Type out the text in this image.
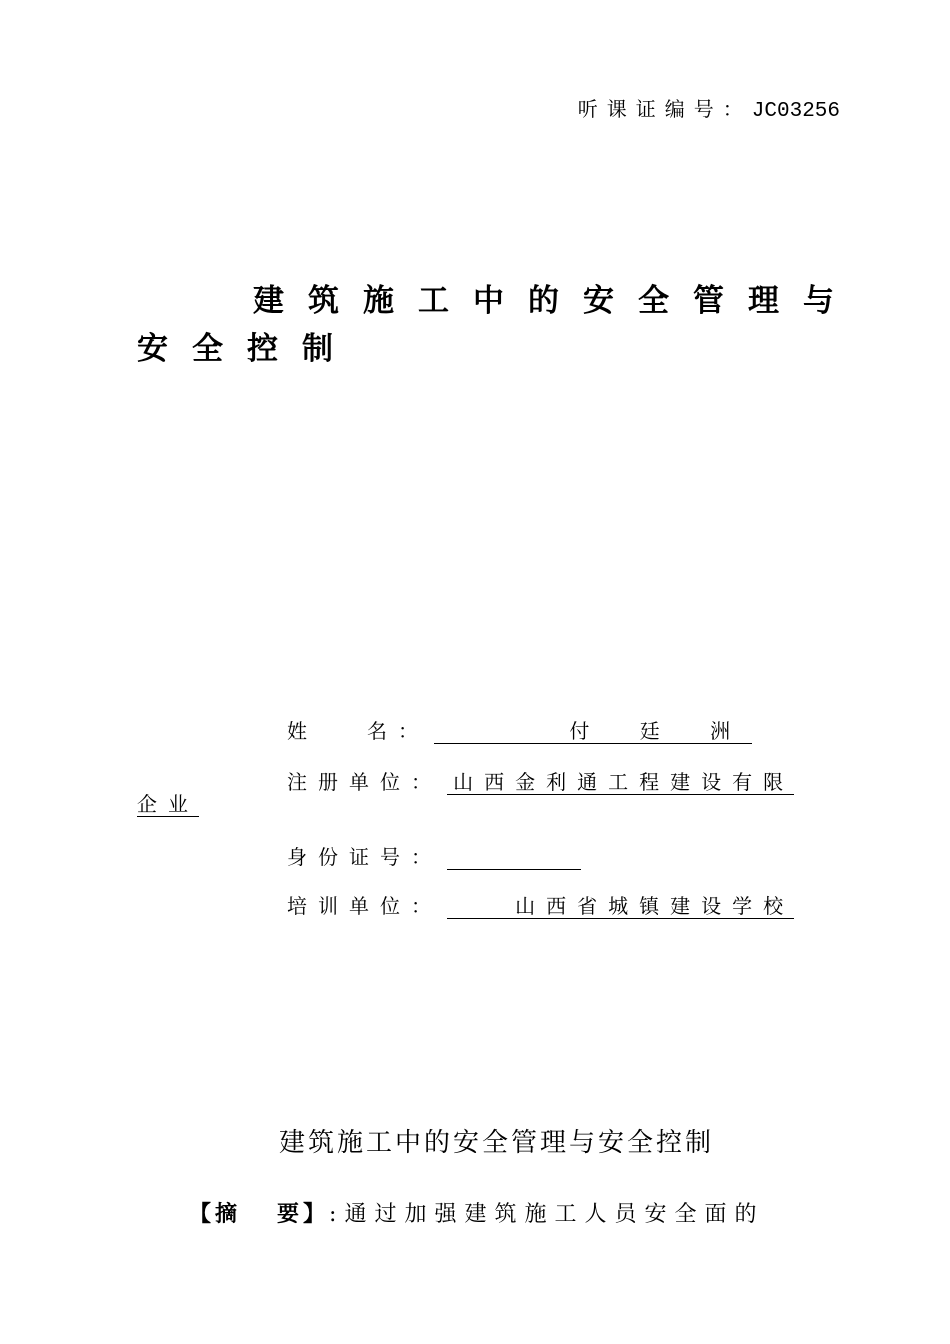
听课证编号：JC03256
建筑施工中的安全管理与
安全控制
姓	名：	付 廷 洲
注册单位： 山西金利通工程建设有限
企业
身份证号：
培训单位：	山西省城镇建设学校
建筑施工中的安全管理与安全控制
【摘 要】:通过加强建筑施工人员安全面的
